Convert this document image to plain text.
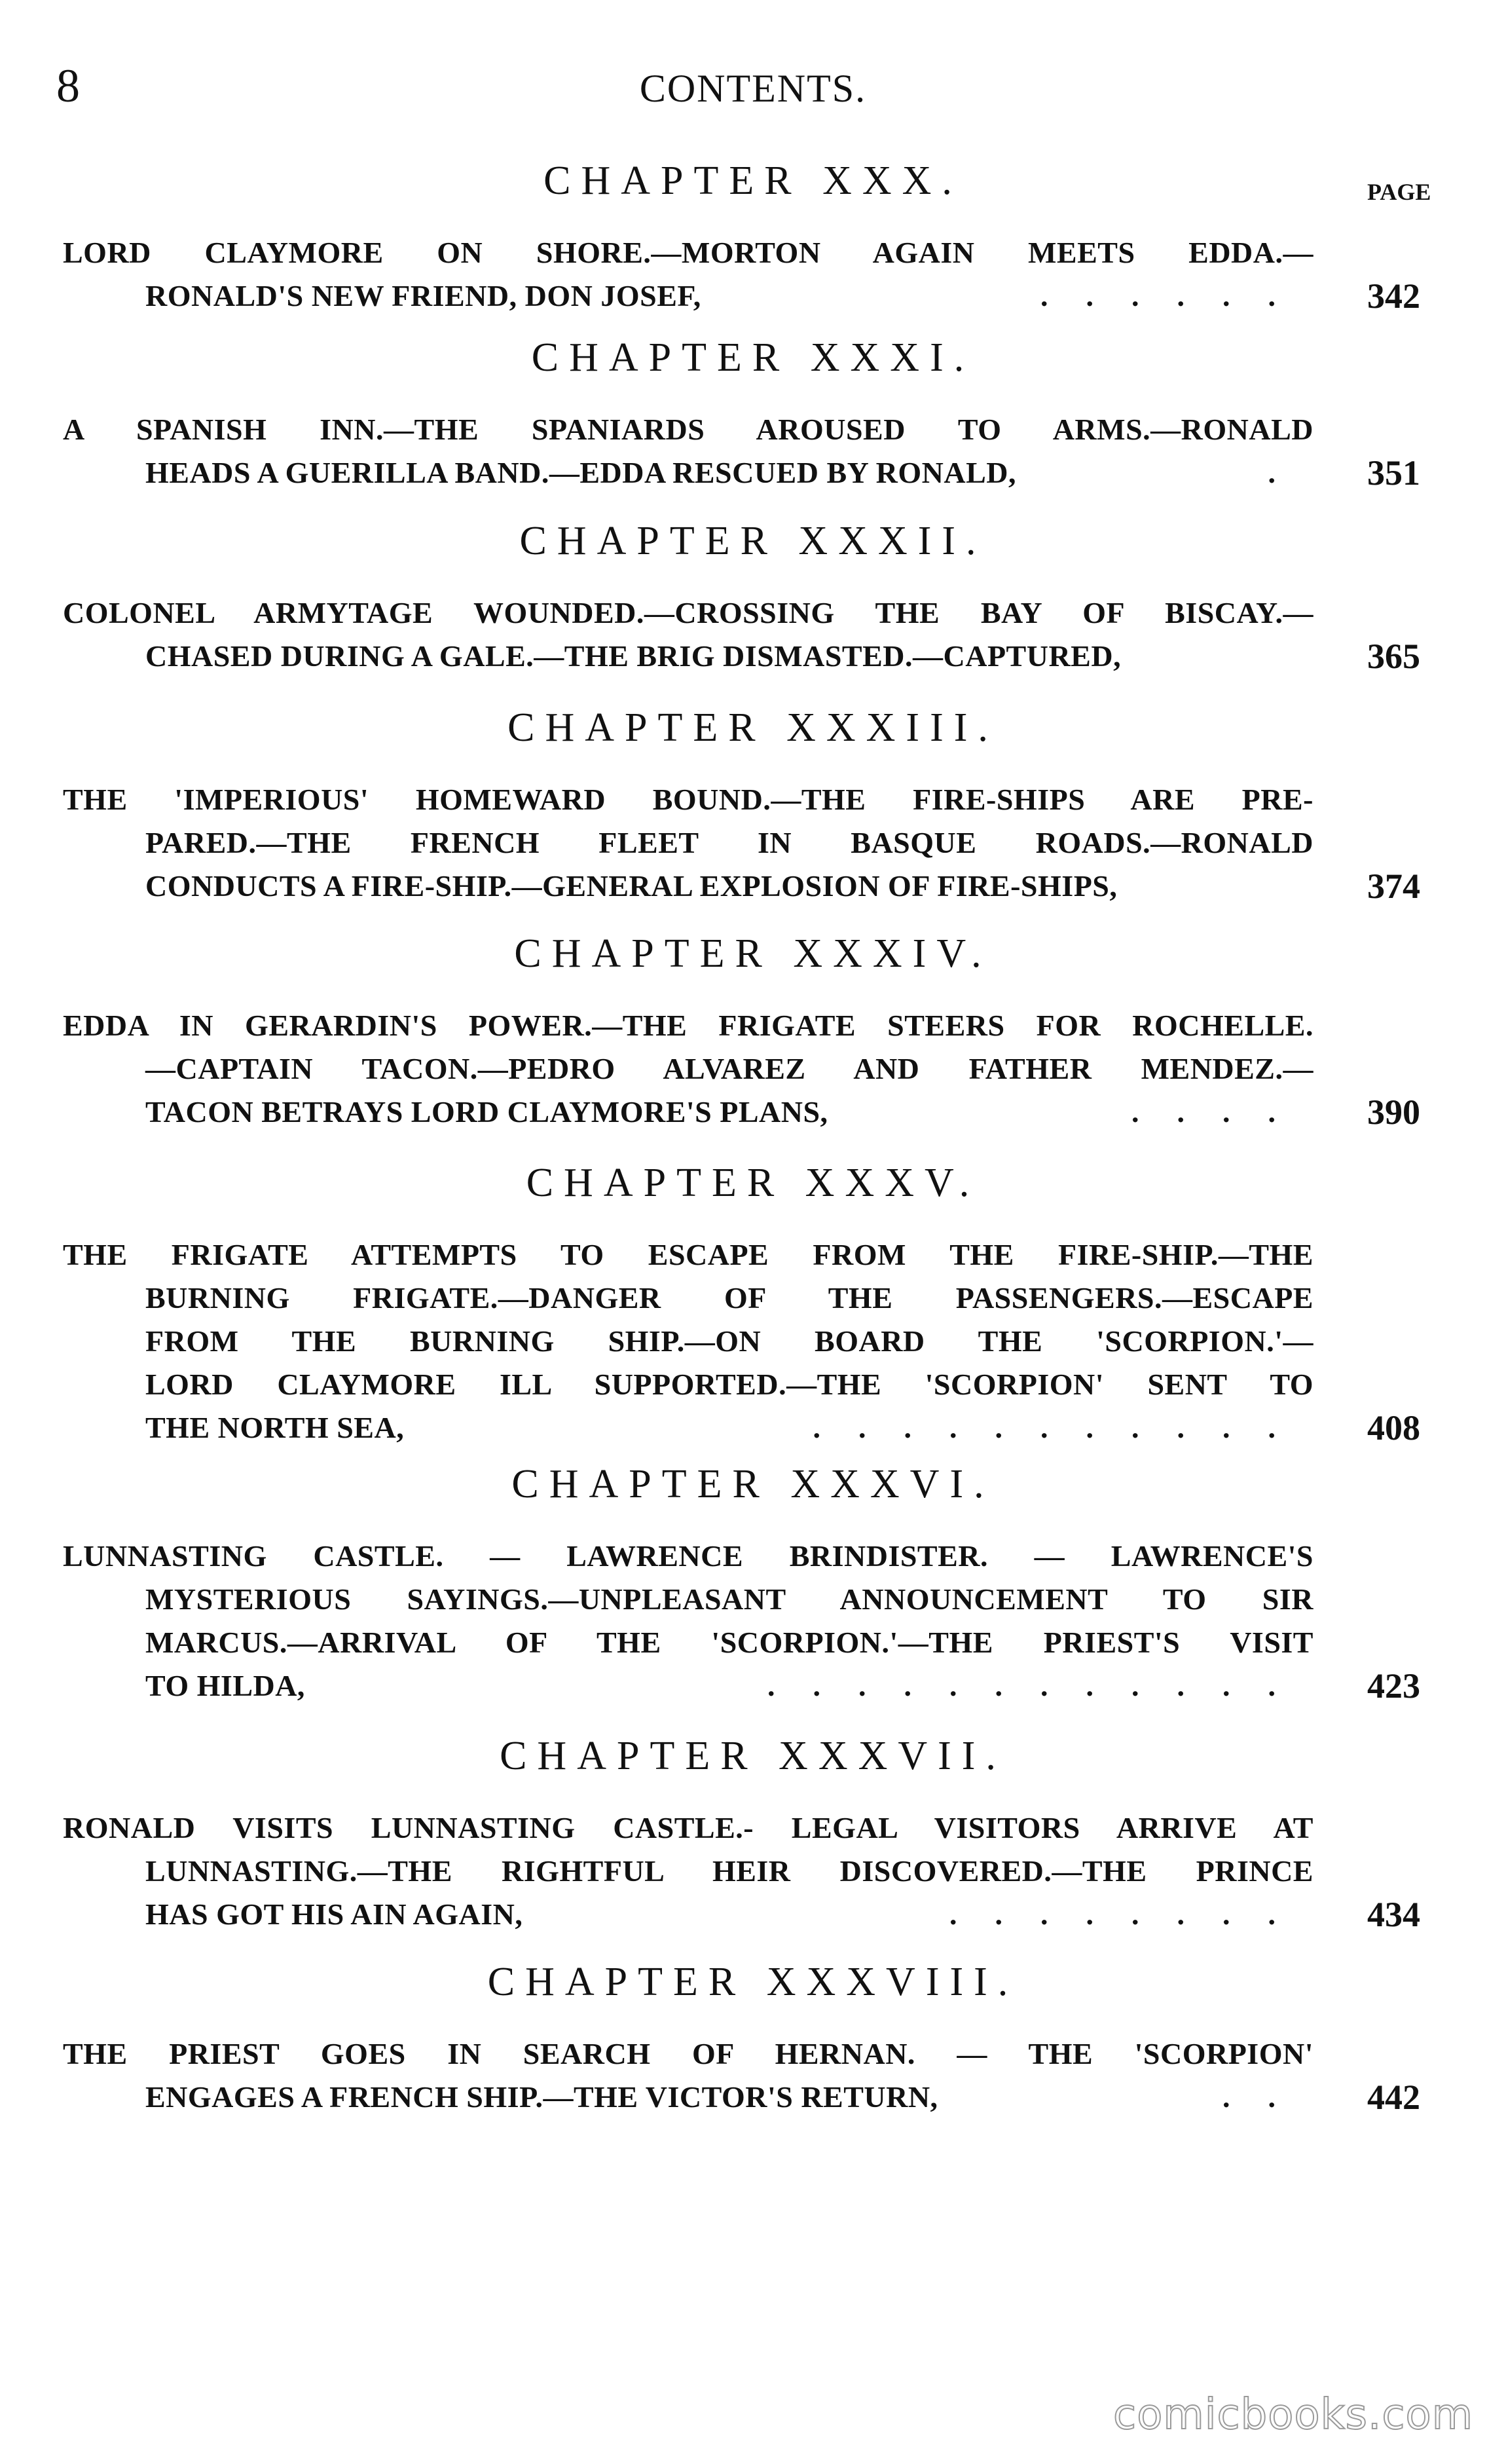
8	CONTENTS.
PAGE
CHAPTER XXX.
LORD CLAYMORE ON SHORE.—MORTON AGAIN MEETS EDDA.—
RONALD'S NEW FRIEND, DON JOSEF,	...... 342
CHAPTER XXXI.
A SPANISH INN.—THE SPANIARDS AROUSED TO ARMS.—RONALD
HEADS A GUERILLA BAND.—EDDA RESCUED BY RONALD,	. 351
CHAPTER XXXII.
COLONEL ARMYTAGE WOUNDED.—CROSSING THE BAY OF BISCAY.—
CHASED DURING A GALE.—THE BRIG DISMASTED.—CAPTURED,	365
CHAPTER XXXIII.
THE 'IMPERIOUS' HOMEWARD BOUND.—THE FIRE-SHIPS ARE PRE-
PARED.—THE FRENCH FLEET IN BASQUE ROADS.—RONALD
CONDUCTS A FIRE-SHIP.—GENERAL EXPLOSION OF FIRE-SHIPS,	374
CHAPTER XXXIV.
EDDA IN GERARDIN'S POWER.—THE FRIGATE STEERS FOR ROCHELLE.
—CAPTAIN TACON.—PEDRO ALVAREZ AND FATHER MENDEZ.—
TACON BETRAYS LORD CLAYMORE'S PLANS,	.... 390
CHAPTER XXXV.
THE FRIGATE ATTEMPTS TO ESCAPE FROM THE FIRE-SHIP.—THE
BURNING FRIGATE.—DANGER OF THE PASSENGERS.—ESCAPE
FROM THE BURNING SHIP.—ON BOARD THE 'SCORPION.'—
LORD CLAYMORE ILL SUPPORTED.—THE 'SCORPION' SENT TO
THE NORTH SEA,	........... 408
CHAPTER XXXVI.
LUNNASTING CASTLE. — LAWRENCE BRINDISTER. — LAWRENCE'S
MYSTERIOUS SAYINGS.—UNPLEASANT ANNOUNCEMENT TO SIR
MARCUS.—ARRIVAL OF THE 'SCORPION.'—THE PRIEST'S VISIT
TO HILDA,	............ 423
CHAPTER XXXVII.
RONALD VISITS LUNNASTING CASTLE.- LEGAL VISITORS ARRIVE AT
LUNNASTING.—THE RIGHTFUL HEIR DISCOVERED.—THE PRINCE
HAS GOT HIS AIN AGAIN,	........ 434
CHAPTER XXXVIII.
THE PRIEST GOES IN SEARCH OF HERNAN. — THE 'SCORPION'
ENGAGES A FRENCH SHIP.—THE VICTOR'S RETURN,	.. 442
comicbooks.com
